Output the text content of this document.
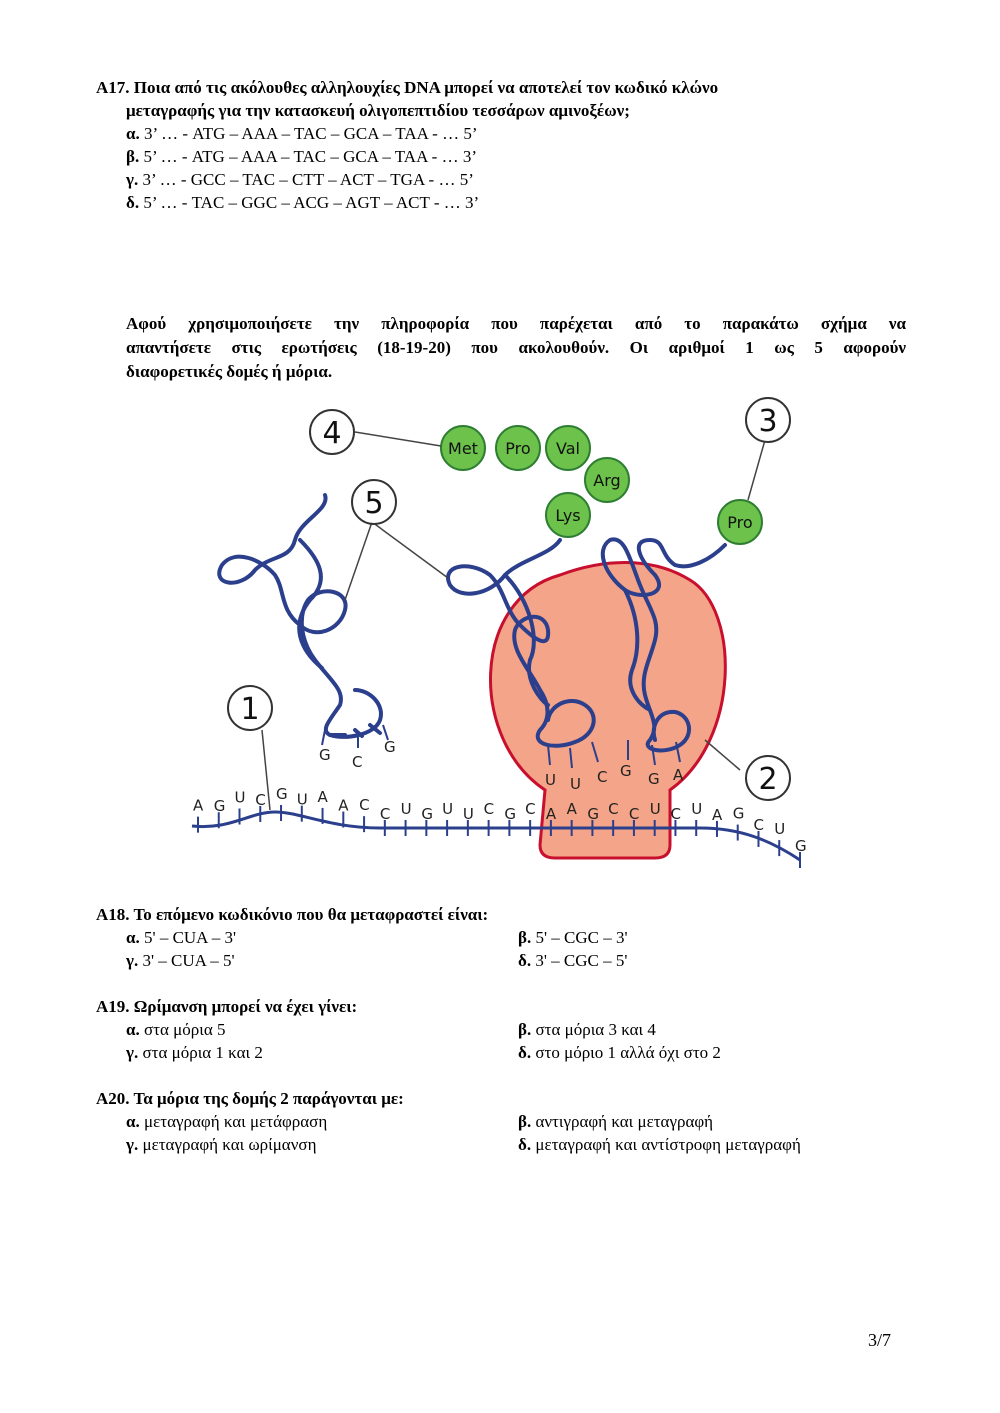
Α17. Ποια από τις ακόλουθες αλληλουχίες DNA μπορεί να αποτελεί τον κωδικό κλώνο
μεταγραφής για την κατασκευή ολιγοπεπτιδίου τεσσάρων αμινοξέων;
α. 3’ … - ATG – AAA – TAC – GCA – TAA - … 5’
β. 5’ … - ATG – AAA – TAC – GCA – TAA - … 3’
γ. 3’ … - GCC – TAC – CTT – ACT – TGA - … 5’
δ. 5’ … - TAC – GGC – ACG – AGT – ACT - … 3’
Αφού χρησιμοποιήσετε την πληροφορία που παρέχεται από το παρακάτω σχήμα να
απαντήσετε στις ερωτήσεις (18-19-20) που ακολουθούν. Οι αριθμοί 1 ως 5 αφορούν
διαφορετικές δομές ή μόρια.
A G U C G U A A C C U G U U C G C A A G C C U C U A G
C U
G
G C
G
U U C G G A
Met Pro Val
Arg
Lys	Pro
1
2
3
4
5
Α18. Το επόμενο κωδικόνιο που θα μεταφραστεί είναι:
α. 5' – CUA – 3'	β. 5' – CGC – 3'
γ. 3' – CUA – 5'	δ. 3' – CGC – 5'
Α19. Ωρίμανση μπορεί να έχει γίνει:
α. στα μόρια 5	β. στα μόρια 3 και 4
γ. στα μόρια 1 και 2	δ. στο μόριο 1 αλλά όχι στο 2
Α20. Τα μόρια της δομής 2 παράγονται με:
α. μεταγραφή και μετάφραση	β. αντιγραφή και μεταγραφή
γ. μεταγραφή και ωρίμανση	δ. μεταγραφή και αντίστροφη μεταγραφή
3/7
